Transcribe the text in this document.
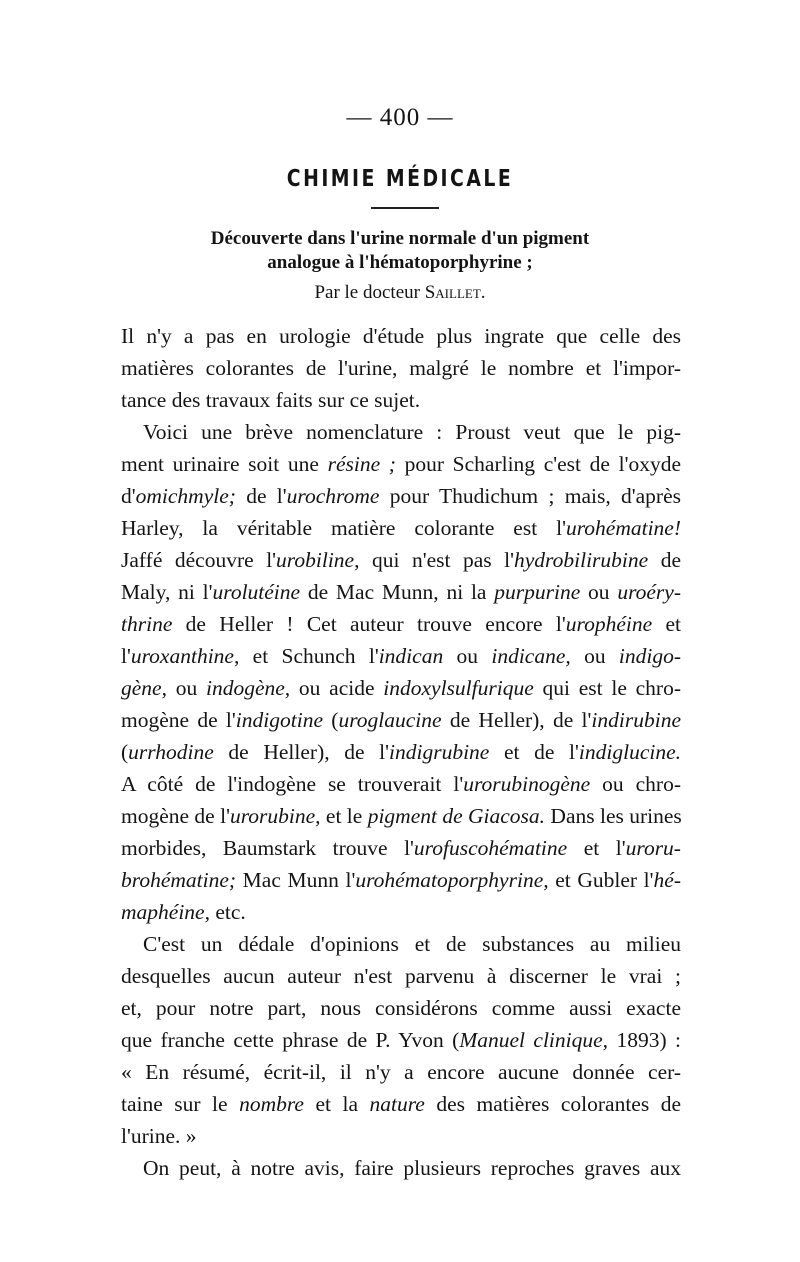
— 400 —
CHIMIE MÉDICALE
Découverte dans l'urine normale d'un pigment
analogue à l'hématoporphyrine ;
Par le docteur Saillet.
Il n'y a pas en urologie d'étude plus ingrate que celle des
matières colorantes de l'urine, malgré le nombre et l'impor-
tance des travaux faits sur ce sujet.
Voici une brève nomenclature : Proust veut que le pig-
ment urinaire soit une résine ; pour Scharling c'est de l'oxyde
d'omichmyle; de l'urochrome pour Thudichum ; mais, d'après
Harley, la véritable matière colorante est l'urohématine!
Jaffé découvre l'urobiline, qui n'est pas l'hydrobilirubine de
Maly, ni l'urolutéine de Mac Munn, ni la purpurine ou uroéry-
thrine de Heller ! Cet auteur trouve encore l'urophéine et
l'uroxanthine, et Schunch l'indican ou indicane, ou indigo-
gène, ou indogène, ou acide indoxylsulfurique qui est le chro-
mogène de l'indigotine (uroglaucine de Heller), de l'indirubine
(urrhodine de Heller), de l'indigrubine et de l'indiglucine.
A côté de l'indogène se trouverait l'urorubinogène ou chro-
mogène de l'urorubine, et le pigment de Giacosa. Dans les urines
morbides, Baumstark trouve l'urofuscohématine et l'uroru-
brohématine; Mac Munn l'urohématoporphyrine, et Gubler l'hé-
maphéine, etc.
C'est un dédale d'opinions et de substances au milieu
desquelles aucun auteur n'est parvenu à discerner le vrai ;
et, pour notre part, nous considérons comme aussi exacte
que franche cette phrase de P. Yvon (Manuel clinique, 1893) :
« En résumé, écrit-il, il n'y a encore aucune donnée cer-
taine sur le nombre et la nature des matières colorantes de
l'urine. »
On peut, à notre avis, faire plusieurs reproches graves aux
